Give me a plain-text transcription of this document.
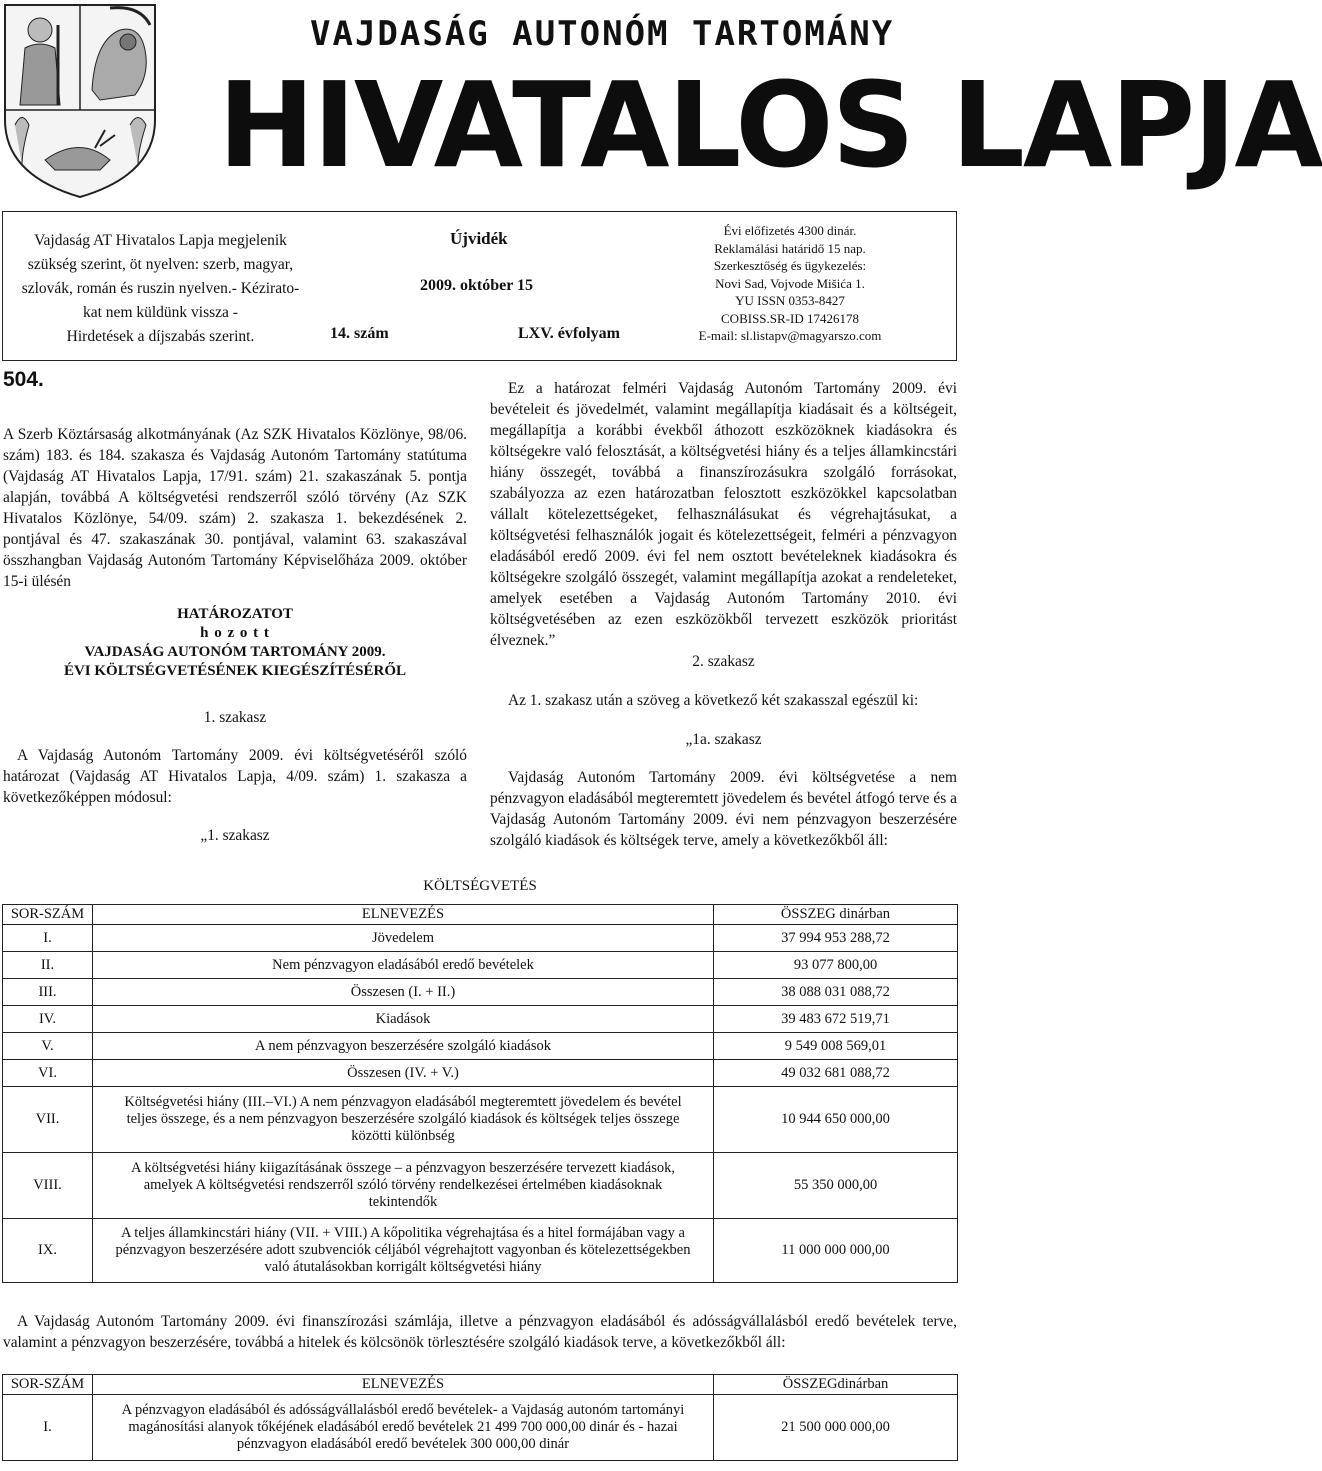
VAJDASÁG AUTONÓM TARTOMÁNY
HIVATALOS LAPJA
Vajdaság AT Hivatalos Lapja megjelenik
szükség szerint, öt nyelven: szerb, magyar,
szlovák, román és ruszin nyelven.- Kézirato-
kat nem küldünk vissza -
Hirdetések a díjszabás szerint.
Újvidék
2009. október 15
14. szám	LXV. évfolyam
Évi előfizetés 4300 dinár.
Reklamálási határidő 15 nap.
Szerkesztőség és ügykezelés:
Novi Sad, Vojvode Mišića 1.
YU ISSN 0353-8427
COBISS.SR-ID 17426178
E-mail: sl.listapv@magyarszo.com
504.
A Szerb Köztársaság alkotmányának (Az SZK Hivatalos Közlönye, 98/06. szám) 183. és 184. szakasza és Vajdaság Autonóm Tartomány statútuma (Vajdaság AT Hivatalos Lapja, 17/91. szám) 21. szakaszának 5. pontja alapján, továbbá A költségvetési rendszerről szóló törvény (Az SZK Hivatalos Közlönye, 54/09. szám) 2. szakasza 1. bekezdésének 2. pontjával és 47. szakaszának 30. pontjával, valamint 63. szakaszával összhangban Vajdaság Autonóm Tartomány Képviselőháza 2009. október 15-i ülésén
HATÁROZATOT
h o z o t t
VAJDASÁG AUTONÓM TARTOMÁNY 2009.
ÉVI KÖLTSÉGVETÉSÉNEK KIEGÉSZÍTÉSÉRŐL
1. szakasz
A Vajdaság Autonóm Tartomány 2009. évi költségvetéséről szóló határozat (Vajdaság AT Hivatalos Lapja, 4/09. szám) 1. szakasza a következőképpen módosul:
„1. szakasz
Ez a határozat felméri Vajdaság Autonóm Tartomány 2009. évi bevételeit és jövedelmét, valamint megállapítja kiadásait és a költségeit, megállapítja a korábbi évekből áthozott eszközöknek kiadásokra és költségekre való felosztását, a költségvetési hiány és a teljes államkincstári hiány összegét, továbbá a finanszírozásukra szolgáló forrásokat, szabályozza az ezen határozatban felosztott eszközökkel kapcsolatban vállalt kötelezettségeket, felhasználásukat és végrehajtásukat, a költségvetési felhasználók jogait és kötelezettségeit, felméri a pénzvagyon eladásából eredő 2009. évi fel nem osztott bevételeknek kiadásokra és költségekre szolgáló összegét, valamint megállapítja azokat a rendeleteket, amelyek esetében a Vajdaság Autonóm Tartomány 2010. évi költségvetésében az ezen eszközökből tervezett eszközök prioritást élveznek.”
2. szakasz
Az 1. szakasz után a szöveg a következő két szakasszal egészül ki:
„1a. szakasz
Vajdaság Autonóm Tartomány 2009. évi költségvetése a nem pénzvagyon eladásából megteremtett jövedelem és bevétel átfogó terve és a Vajdaság Autonóm Tartomány 2009. évi nem pénzvagyon beszerzésére szolgáló kiadások és költségek terve, amely a következőkből áll:
KÖLTSÉGVETÉS
SOR-SZÁM	ELNEVEZÉS	ÖSSZEG dinárban
I.	Jövedelem	37 994 953 288,72
II.	Nem pénzvagyon eladásából eredő bevételek	93 077 800,00
III.	Összesen (I. + II.)	38 088 031 088,72
IV.	Kiadások	39 483 672 519,71
V.	A nem pénzvagyon beszerzésére szolgáló kiadások	9 549 008 569,01
VI.	Összesen (IV. + V.)	49 032 681 088,72
VII.	Költségvetési hiány (III.–VI.) A nem pénzvagyon eladásából megteremtett jövedelem és bevétel teljes összege, és a nem pénzvagyon beszerzésére szolgáló kiadások és költségek teljes összege közötti különbség	10 944 650 000,00
VIII.	A költségvetési hiány kiigazításának összege – a pénzvagyon beszerzésére tervezett kiadások, amelyek A költségvetési rendszerről szóló törvény rendelkezései értelmében kiadásoknak tekintendők	55 350 000,00
IX.	A teljes államkincstári hiány (VII. + VIII.) A kőpolitika végrehajtása és a hitel formájában vagy a pénzvagyon beszerzésére adott szubvenciók céljából végrehajtott vagyonban és kötelezettségekben való átutalásokban korrigált költségvetési hiány	11 000 000 000,00
A Vajdaság Autonóm Tartomány 2009. évi finanszírozási számlája, illetve a pénzvagyon eladásából és adósságvállalásból eredő bevételek terve, valamint a pénzvagyon beszerzésére, továbbá a hitelek és kölcsönök törlesztésére szolgáló kiadások terve, a következőkből áll:
SOR-SZÁM	ELNEVEZÉS	ÖSSZEGdinárban
I.	A pénzvagyon eladásából és adósságvállalásból eredő bevételek- a Vajdaság autonóm tartományi magánosítási alanyok tőkéjének eladásából eredő bevételek 21 499 700 000,00 dinár és - hazai pénzvagyon eladásából eredő bevételek 300 000,00 dinár	21 500 000 000,00
